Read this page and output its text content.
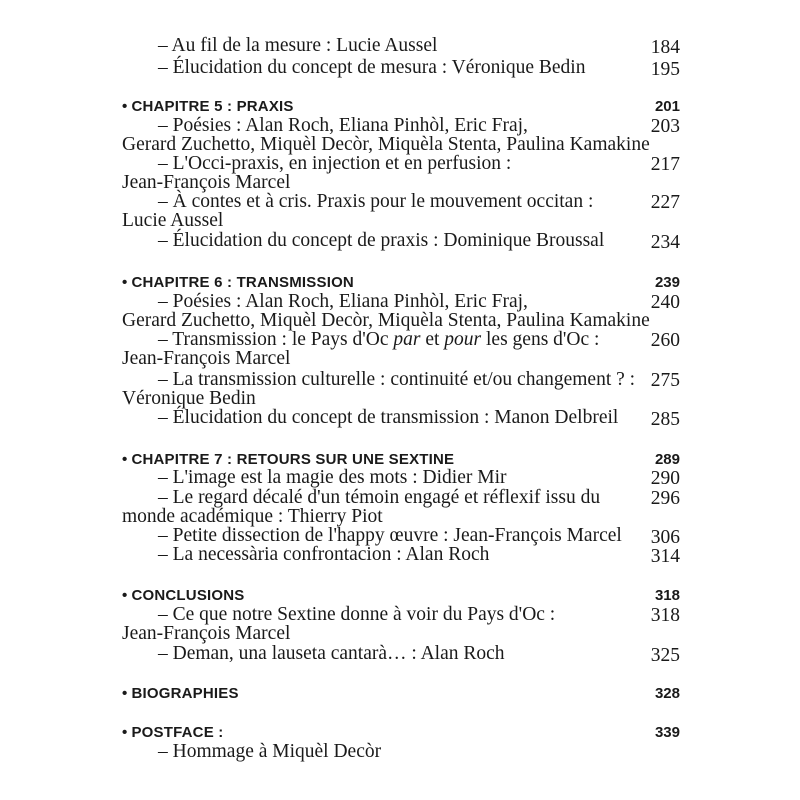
– Au fil de la mesure : Lucie Aussel	184
– Élucidation du concept de mesura : Véronique Bedin	195
• CHAPITRE 5 : PRAXIS	201
– Poésies : Alan Roch, Eliana Pinhòl, Eric Fraj,	203
Gerard Zuchetto, Miquèl Decòr, Miquèla Stenta, Paulina Kamakine
– L'Occi-praxis, en injection et en perfusion :	217
Jean-François Marcel
– À contes et à cris. Praxis pour le mouvement occitan :	227
Lucie Aussel
– Élucidation du concept de praxis : Dominique Broussal 234
• CHAPITRE 6 : TRANSMISSION	239
– Poésies : Alan Roch, Eliana Pinhòl, Eric Fraj,	240
Gerard Zuchetto, Miquèl Decòr, Miquèla Stenta, Paulina Kamakine
– Transmission : le Pays d'Oc par et pour les gens d'Oc :	260
Jean-François Marcel
– La transmission culturelle : continuité et/ou changement ? : 275
Véronique Bedin
– Élucidation du concept de transmission : Manon Delbreil 285
• CHAPITRE 7 : RETOURS SUR UNE SEXTINE	289
– L'image est la magie des mots : Didier Mir	290
– Le regard décalé d'un témoin engagé et réflexif issu du	296
monde académique : Thierry Piot
– Petite dissection de l'happy œuvre : Jean-François Marcel 306
– La necessària confrontacion : Alan Roch	314
• CONCLUSIONS	318
– Ce que notre Sextine donne à voir du Pays d'Oc :	318
Jean-François Marcel
– Deman, una lauseta cantarà… : Alan Roch	325
• BIOGRAPHIES	328
• POSTFACE :	339
– Hommage à Miquèl Decòr
